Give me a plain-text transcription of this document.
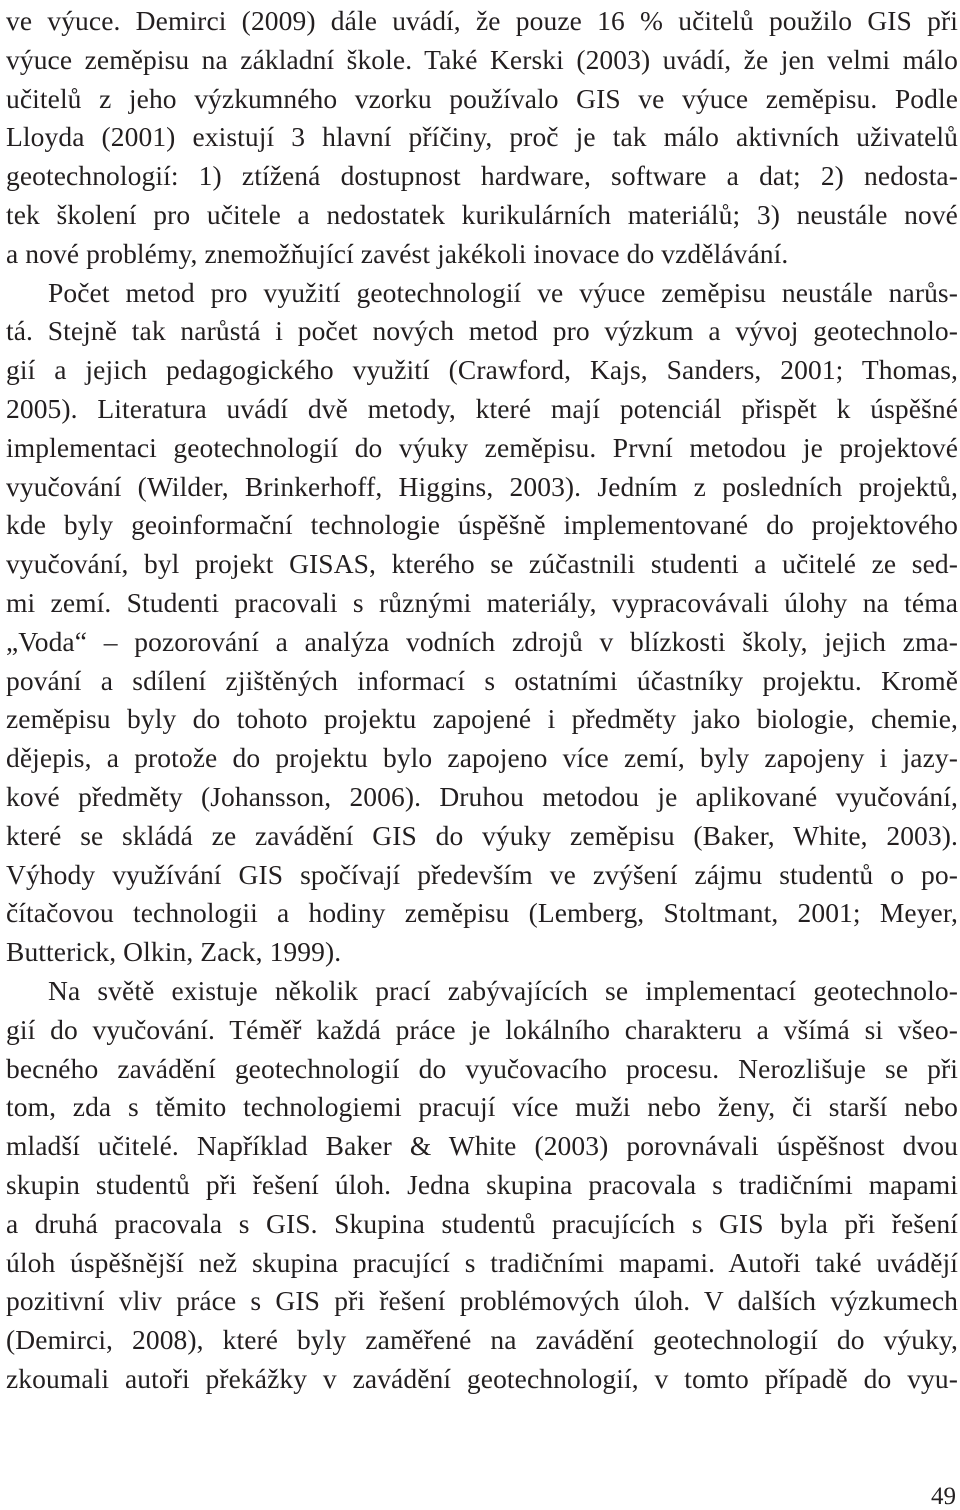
ve výuce. Demirci (2009) dále uvádí, že pouze 16 % učitelů použilo GIS při
výuce zeměpisu na základní škole. Také Kerski (2003) uvádí, že jen velmi málo
učitelů z jeho výzkumného vzorku používalo GIS ve výuce zeměpisu. Podle
Lloyda (2001) existují 3 hlavní příčiny, proč je tak málo aktivních uživatelů
geotechnologií: 1) ztížená dostupnost hardware, software a dat; 2) nedosta-
tek školení pro učitele a nedostatek kurikulárních materiálů; 3) neustále nové
a nové problémy, znemožňující zavést jakékoli inovace do vzdělávání.
Počet metod pro využití geotechnologií ve výuce zeměpisu neustále narůs-
tá. Stejně tak narůstá i počet nových metod pro výzkum a vývoj geotechnolo-
gií a jejich pedagogického využití (Crawford, Kajs, Sanders, 2001; Thomas,
2005). Literatura uvádí dvě metody, které mají potenciál přispět k úspěšné
implementaci geotechnologií do výuky zeměpisu. První metodou je projektové
vyučování (Wilder, Brinkerhoff, Higgins, 2003). Jedním z posledních projektů,
kde byly geoinformační technologie úspěšně implementované do projektového
vyučování, byl projekt GISAS, kterého se zúčastnili studenti a učitelé ze sed-
mi zemí. Studenti pracovali s různými materiály, vypracovávali úlohy na téma
„Voda“ – pozorování a analýza vodních zdrojů v blízkosti školy, jejich zma-
pování a sdílení zjištěných informací s ostatními účastníky projektu. Kromě
zeměpisu byly do tohoto projektu zapojené i předměty jako biologie, chemie,
dějepis, a protože do projektu bylo zapojeno více zemí, byly zapojeny i jazy-
kové předměty (Johansson, 2006). Druhou metodou je aplikované vyučování,
které se skládá ze zavádění GIS do výuky zeměpisu (Baker, White, 2003).
Výhody využívání GIS spočívají především ve zvýšení zájmu studentů o po-
čítačovou technologii a hodiny zeměpisu (Lemberg, Stoltmant, 2001; Meyer,
Butterick, Olkin, Zack, 1999).
Na světě existuje několik prací zabývajících se implementací geotechnolo-
gií do vyučování. Téměř každá práce je lokálního charakteru a všímá si všeo-
becného zavádění geotechnologií do vyučovacího procesu. Nerozlišuje se při
tom, zda s těmito technologiemi pracují více muži nebo ženy, či starší nebo
mladší učitelé. Například Baker & White (2003) porovnávali úspěšnost dvou
skupin studentů při řešení úloh. Jedna skupina pracovala s tradičními mapami
a druhá pracovala s GIS. Skupina studentů pracujících s GIS byla při řešení
úloh úspěšnější než skupina pracující s tradičními mapami. Autoři také uvádějí
pozitivní vliv práce s GIS při řešení problémových úloh. V dalších výzkumech
(Demirci, 2008), které byly zaměřené na zavádění geotechnologií do výuky,
zkoumali autoři překážky v zavádění geotechnologií, v tomto případě do vyu-
49
